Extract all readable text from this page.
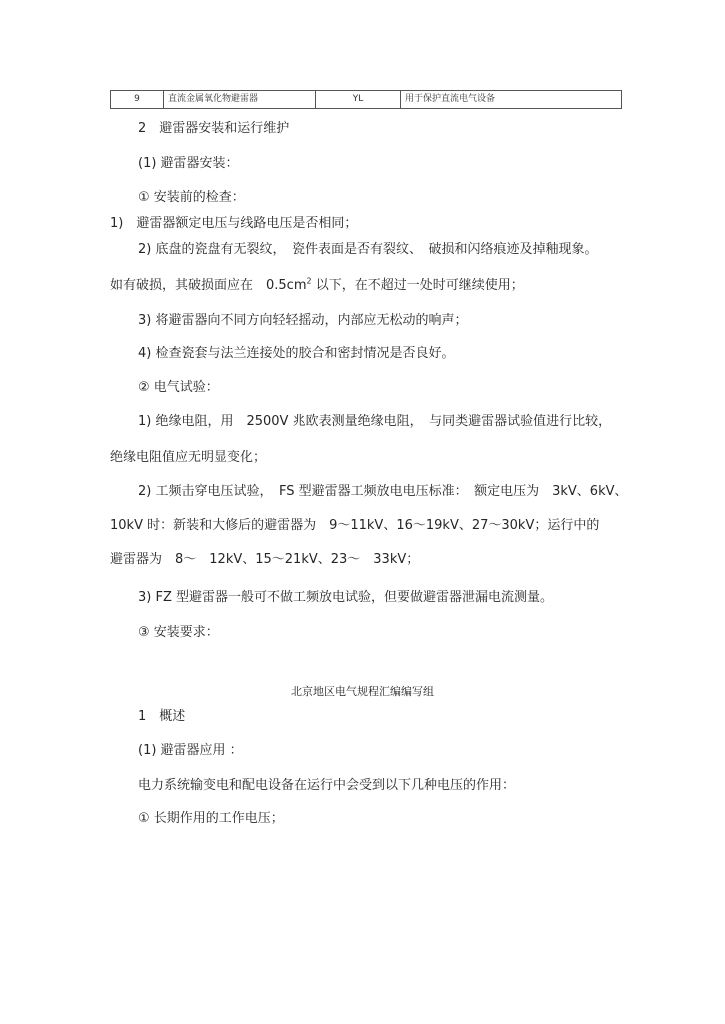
9	直流金属氧化物避雷器	YL	用于保护直流电气设备
2　避雷器安装和运行维护
(1) 避雷器安装：
① 安装前的检查：
1)　避雷器额定电压与线路电压是否相同；
2) 底盘的瓷盘有无裂纹，　瓷件表面是否有裂纹、　破损和闪络痕迹及掉釉现象。
如有破损，其破损面应在　$0.5cm^2$ 以下，在不超过一处时可继续使用；
3) 将避雷器向不同方向轻轻摇动，内部应无松动的响声；
4) 检查瓷套与法兰连接处的胶合和密封情况是否良好。
② 电气试验：
1) 绝缘电阻，用　2500V 兆欧表测量绝缘电阻，　与同类避雷器试验值进行比较，
绝缘电阻值应无明显变化；
2) 工频击穿电压试验，　FS 型避雷器工频放电电压标准：　额定电压为　3kV、6kV、
10kV 时：新装和大修后的避雷器为　9～11kV、16～19kV、27～30kV；运行中的
避雷器为　8～　12kV、15～21kV、23～　33kV；
3) FZ 型避雷器一般可不做工频放电试验，但要做避雷器泄漏电流测量。
③ 安装要求：
北京地区电气规程汇编编写组
1　概述
(1) 避雷器应用 ：
电力系统输变电和配电设备在运行中会受到以下几种电压的作用：
① 长期作用的工作电压；
